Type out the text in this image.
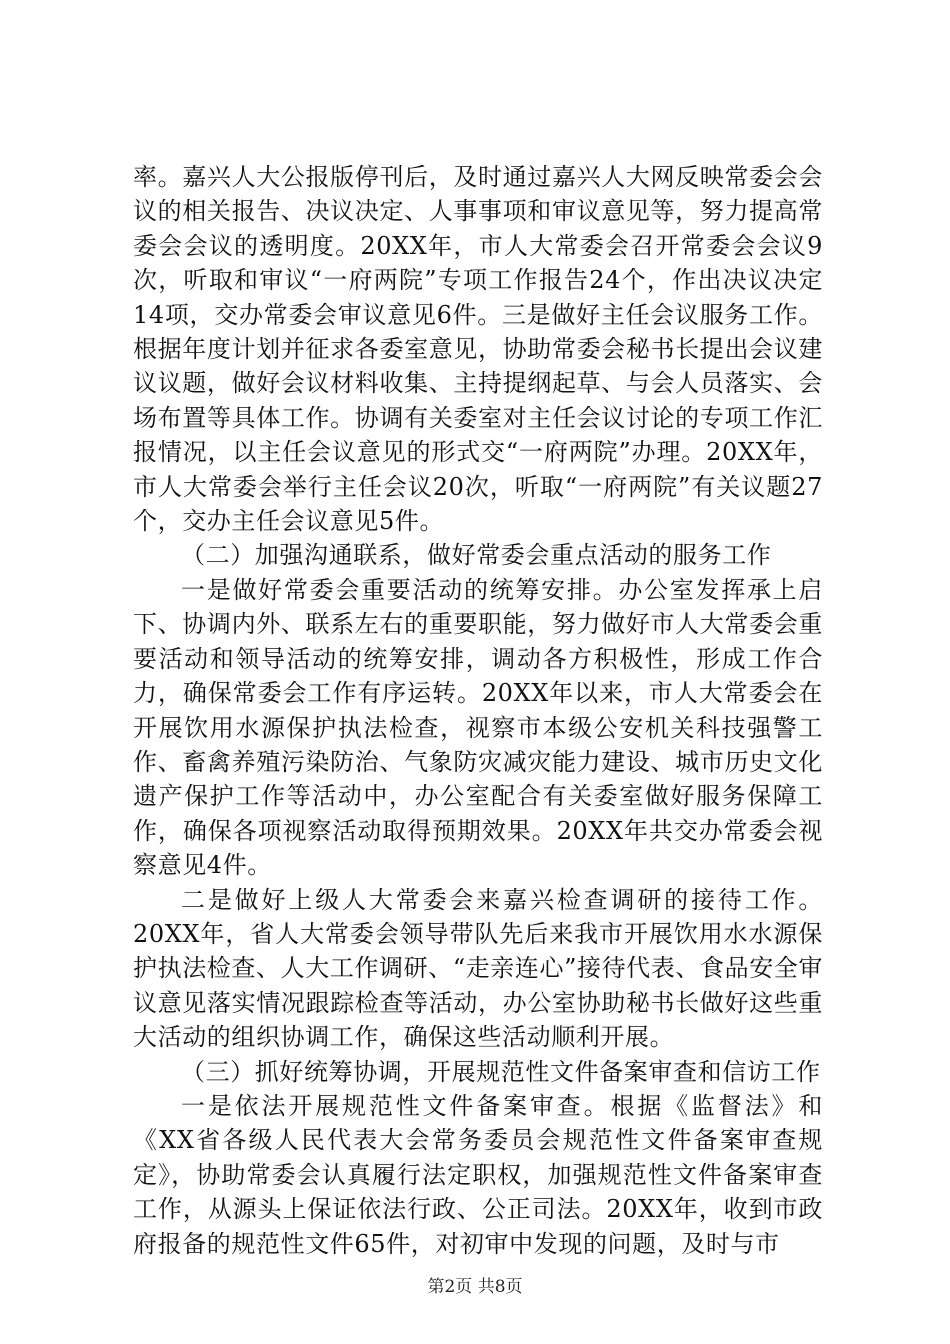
率。嘉兴人大公报版停刊后，及时通过嘉兴人大网反映常委会会议的相关报告、决议决定、人事事项和审议意见等，努力提高常委会会议的透明度。20XX年，市人大常委会召开常委会会议9次，听取和审议“一府两院”专项工作报告24个，作出决议决定14项，交办常委会审议意见6件。三是做好主任会议服务工作。根据年度计划并征求各委室意见，协助常委会秘书长提出会议建议议题，做好会议材料收集、主持提纲起草、与会人员落实、会场布置等具体工作。协调有关委室对主任会议讨论的专项工作汇报情况，以主任会议意见的形式交“一府两院”办理。20XX年，市人大常委会举行主任会议20次，听取“一府两院”有关议题27个，交办主任会议意见5件。

（二）加强沟通联系，做好常委会重点活动的服务工作

一是做好常委会重要活动的统筹安排。办公室发挥承上启下、协调内外、联系左右的重要职能，努力做好市人大常委会重要活动和领导活动的统筹安排，调动各方积极性，形成工作合力，确保常委会工作有序运转。20XX年以来，市人大常委会在开展饮用水源保护执法检查，视察市本级公安机关科技强警工作、畜禽养殖污染防治、气象防灾减灾能力建设、城市历史文化遗产保护工作等活动中，办公室配合有关委室做好服务保障工作，确保各项视察活动取得预期效果。20XX年共交办常委会视察意见4件。

二是做好上级人大常委会来嘉兴检查调研的接待工作。20XX年，省人大常委会领导带队先后来我市开展饮用水水源保护执法检查、人大工作调研、“走亲连心”接待代表、食品安全审议意见落实情况跟踪检查等活动，办公室协助秘书长做好这些重大活动的组织协调工作，确保这些活动顺利开展。

（三）抓好统筹协调，开展规范性文件备案审查和信访工作

一是依法开展规范性文件备案审查。根据《监督法》和《XX省各级人民代表大会常务委员会规范性文件备案审查规定》，协助常委会认真履行法定职权，加强规范性文件备案审查工作，从源头上保证依法行政、公正司法。20XX年，收到市政府报备的规范性文件65件，对初审中发现的问题，及时与市

第2页 共8页
